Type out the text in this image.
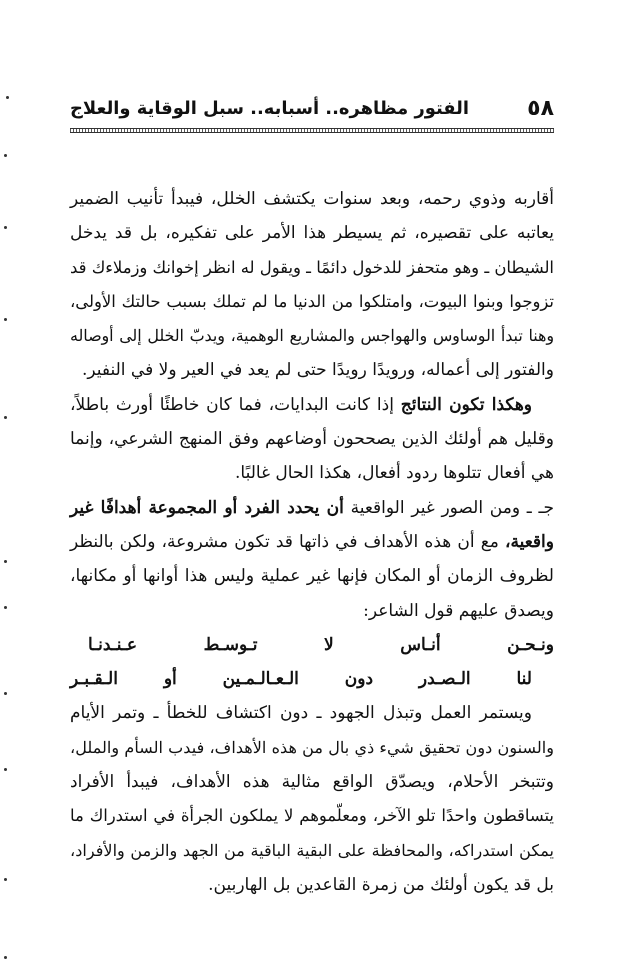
٥٨
الفتور مظاهره.. أسبابه.. سبل الوقاية والعلاج
أقاربه وذوي رحمه، وبعد سنوات يكتشف الخلل، فيبدأ تأنيب الضمير
يعاتبه على تقصيره، ثم يسيطر هذا الأمر على تفكيره، بل قد يدخل
الشيطان ـ وهو متحفز للدخول دائمًا ـ ويقول له انظر إخوانك وزملاءك قد
تزوجوا وبنوا البيوت، وامتلكوا من الدنيا ما لم تملك بسبب حالتك الأولى،
وهنا تبدأ الوساوس والهواجس والمشاريع الوهمية، ويدبّ الخلل إلى أوصاله
والفتور إلى أعماله، ورويدًا رويدًا حتى لم يعد في العير ولا في النفير.
وهكذا تكون النتائج إذا كانت البدايات، فما كان خاطئًا أورث باطلاً،
وقليل هم أولئك الذين يصححون أوضاعهم وفق المنهج الشرعي، وإنما
هي أفعال تتلوها ردود أفعال، هكذا الحال غالبًا.
جـ ـ ومن الصور غير الواقعية أن يحدد الفرد أو المجموعة أهدافًا غير
واقعية، مع أن هذه الأهداف في ذاتها قد تكون مشروعة، ولكن بالنظر
لظروف الزمان أو المكان فإنها غير عملية وليس هذا أوانها أو مكانها،
ويصدق عليهم قول الشاعر:
ونـحـن أنـاس لا تـوسـط عـنـدنـا
لنا الـصـدر دون الـعـالـمـين أو الـقـبـر
ويستمر العمل وتبذل الجهود ـ دون اكتشاف للخطأ ـ وتمر الأيام
والسنون دون تحقيق شيء ذي بال من هذه الأهداف، فيدب السأم والملل،
وتتبخر الأحلام، ويصدّق الواقع مثالية هذه الأهداف، فيبدأ الأفراد
يتساقطون واحدًا تلو الآخر، ومعلّموهم لا يملكون الجرأة في استدراك ما
يمكن استدراكه، والمحافظة على البقية الباقية من الجهد والزمن والأفراد،
بل قد يكون أولئك من زمرة القاعدين بل الهاربين.
